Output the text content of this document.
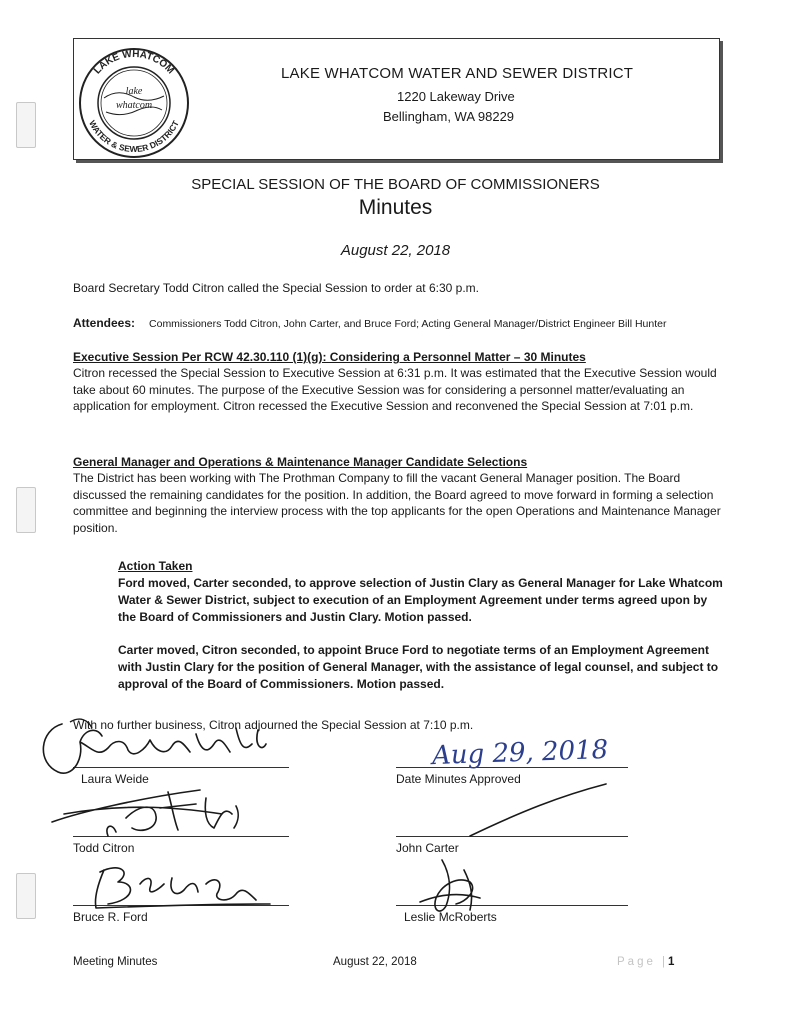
LAKE WHATCOM
WATER & SEWER DISTRICT
lake
whatcom
LAKE WHATCOM WATER AND SEWER DISTRICT
1220 Lakeway Drive
Bellingham, WA 98229
SPECIAL SESSION OF THE BOARD OF COMMISSIONERS
Minutes
August 22, 2018
Board Secretary Todd Citron called the Special Session to order at 6:30 p.m.
Attendees: Commissioners Todd Citron, John Carter, and Bruce Ford; Acting General Manager/District Engineer Bill Hunter
Executive Session Per RCW 42.30.110 (1)(g): Considering a Personnel Matter – 30 Minutes
Citron recessed the Special Session to Executive Session at 6:31 p.m. It was estimated that the Executive Session would take about 60 minutes. The purpose of the Executive Session was for considering a personnel matter/evaluating an application for employment. Citron recessed the Executive Session and reconvened the Special Session at 7:01 p.m.
General Manager and Operations & Maintenance Manager Candidate Selections
The District has been working with The Prothman Company to fill the vacant General Manager position. The Board discussed the remaining candidates for the position. In addition, the Board agreed to move forward in forming a selection committee and beginning the interview process with the top applicants for the open Operations and Maintenance Manager position.
Action Taken
Ford moved, Carter seconded, to approve selection of Justin Clary as General Manager for Lake Whatcom Water & Sewer District, subject to execution of an Employment Agreement under terms agreed upon by the Board of Commissioners and Justin Clary. Motion passed.
Carter moved, Citron seconded, to appoint Bruce Ford to negotiate terms of an Employment Agreement with Justin Clary for the position of General Manager, with the assistance of legal counsel, and subject to approval of the Board of Commissioners. Motion passed.
With no further business, Citron adjourned the Special Session at 7:10 p.m.
Laura Weide	Date Minutes Approved
Todd Citron	John Carter
Bruce R. Ford	Leslie McRoberts
Aug 29, 2018
Meeting Minutes	August 22, 2018	Page |1
